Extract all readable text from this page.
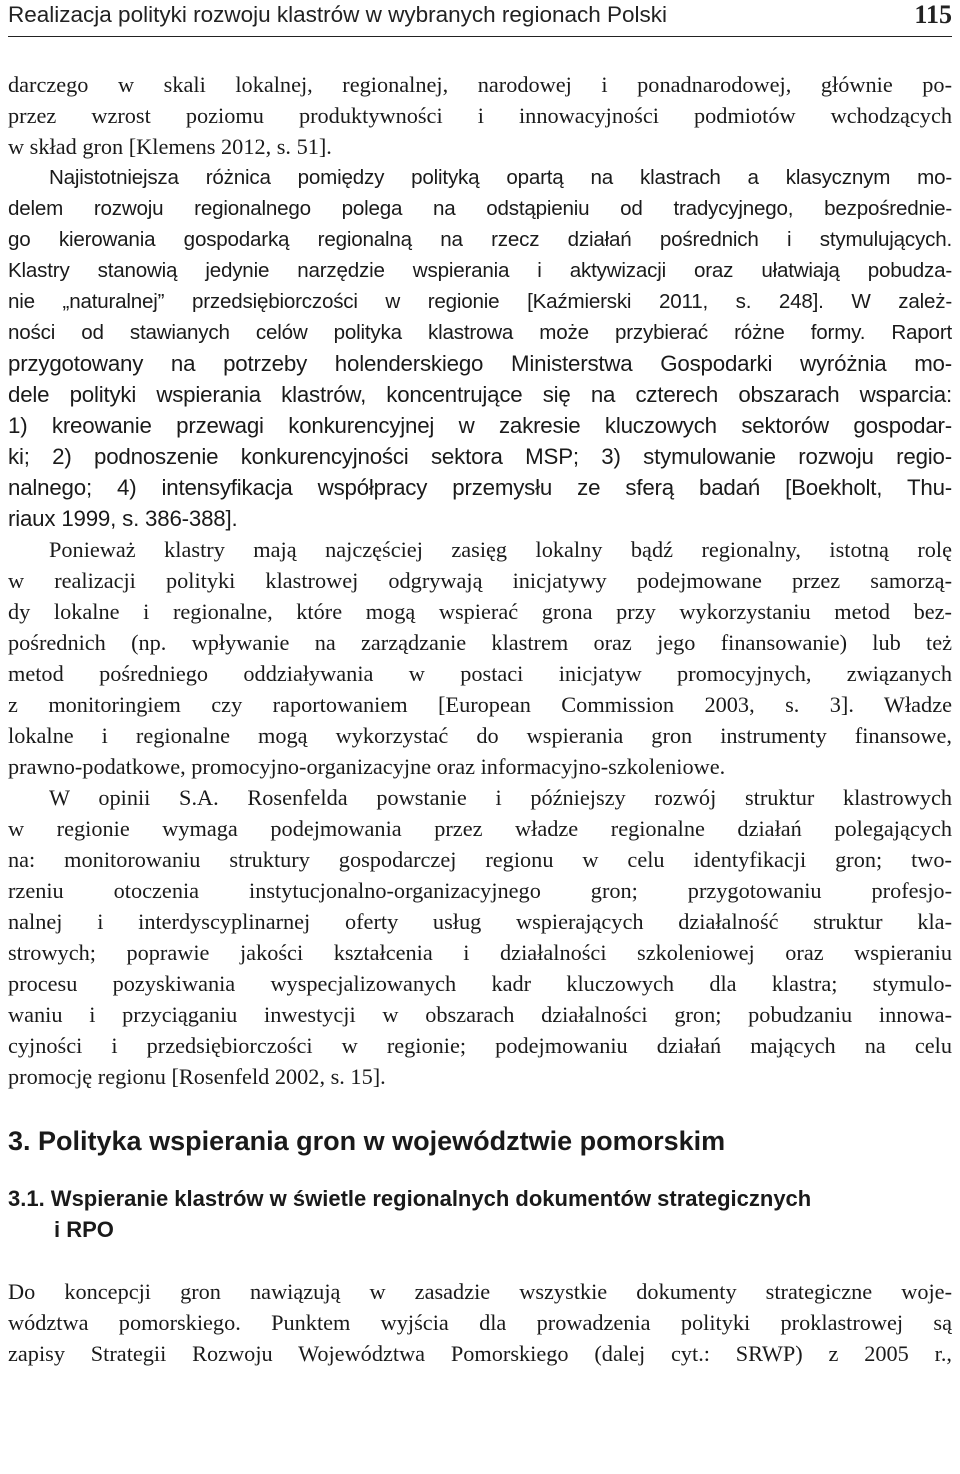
Realizacja polityki rozwoju klastrów w wybranych regionach Polski	115
darczego w skali lokalnej, regionalnej, narodowej i ponadnarodowej, głównie po-
przez wzrost poziomu produktywności i innowacyjności podmiotów wchodzących
w skład gron [Klemens 2012, s. 51].
Najistotniejsza różnica pomiędzy polityką opartą na klastrach a klasycznym mo-
delem rozwoju regionalnego polega na odstąpieniu od tradycyjnego, bezpośrednie-
go kierowania gospodarką regionalną na rzecz działań pośrednich i stymulujących.
Klastry stanowią jedynie narzędzie wspierania i aktywizacji oraz ułatwiają pobudza-
nie „naturalnej” przedsiębiorczości w regionie [Kaźmierski 2011, s. 248]. W zależ-
ności od stawianych celów polityka klastrowa może przybierać różne formy. Raport
przygotowany na potrzeby holenderskiego Ministerstwa Gospodarki wyróżnia mo-
dele polityki wspierania klastrów, koncentrujące się na czterech obszarach wsparcia:
1) kreowanie przewagi konkurencyjnej w zakresie kluczowych sektorów gospodar-
ki; 2) podnoszenie konkurencyjności sektora MSP; 3) stymulowanie rozwoju regio-
nalnego; 4) intensyfikacja współpracy przemysłu ze sferą badań [Boekholt, Thu-
riaux 1999, s. 386-388].
Ponieważ klastry mają najczęściej zasięg lokalny bądź regionalny, istotną rolę
w realizacji polityki klastrowej odgrywają inicjatywy podejmowane przez samorzą-
dy lokalne i regionalne, które mogą wspierać grona przy wykorzystaniu metod bez-
pośrednich (np. wpływanie na zarządzanie klastrem oraz jego finansowanie) lub też
metod pośredniego oddziaływania w postaci inicjatyw promocyjnych, związanych
z monitoringiem czy raportowaniem [European Commission 2003, s. 3]. Władze
lokalne i regionalne mogą wykorzystać do wspierania gron instrumenty finansowe,
prawno-podatkowe, promocyjno-organizacyjne oraz informacyjno-szkoleniowe.
W opinii S.A. Rosenfelda powstanie i późniejszy rozwój struktur klastrowych
w regionie wymaga podejmowania przez władze regionalne działań polegających
na: monitorowaniu struktury gospodarczej regionu w celu identyfikacji gron; two-
rzeniu otoczenia instytucjonalno-organizacyjnego gron; przygotowaniu profesjo-
nalnej i interdyscyplinarnej oferty usług wspierających działalność struktur kla-
strowych; poprawie jakości kształcenia i działalności szkoleniowej oraz wspieraniu
procesu pozyskiwania wyspecjalizowanych kadr kluczowych dla klastra; stymulo-
waniu i przyciąganiu inwestycji w obszarach działalności gron; pobudzaniu innowa-
cyjności i przedsiębiorczości w regionie; podejmowaniu działań mających na celu
promocję regionu [Rosenfeld 2002, s. 15].
3. Polityka wspierania gron w województwie pomorskim
3.1. Wspieranie klastrów w świetle regionalnych dokumentów strategicznych
i RPO
Do koncepcji gron nawiązują w zasadzie wszystkie dokumenty strategiczne woje-
wództwa pomorskiego. Punktem wyjścia dla prowadzenia polityki proklastrowej są
zapisy Strategii Rozwoju Województwa Pomorskiego (dalej cyt.: SRWP) z 2005 r.,
